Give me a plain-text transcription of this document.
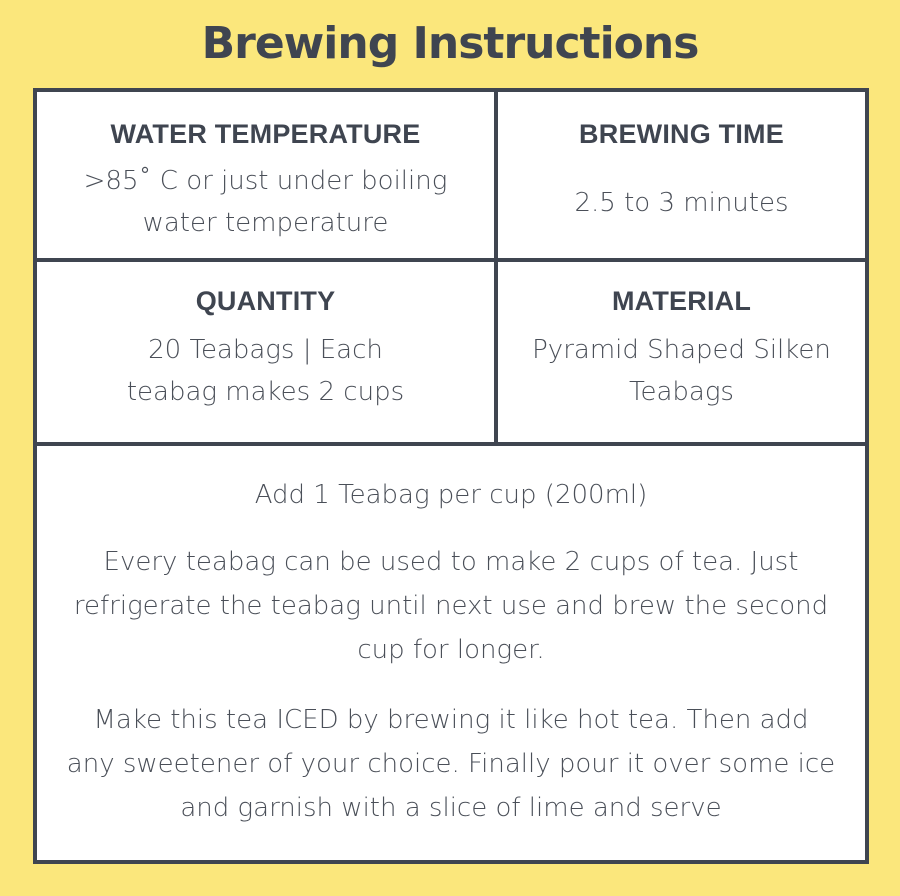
Brewing Instructions
WATER TEMPERATURE
>85˚ C or just under boiling water temperature
BREWING TIME
2.5 to 3 minutes
QUANTITY
20 Teabags | Each teabag makes 2 cups
MATERIAL
Pyramid Shaped Silken Teabags
Add 1 Teabag per cup (200ml)
Every teabag can be used to make 2 cups of tea. Just refrigerate the teabag until next use and brew the second cup for longer.
Make this tea ICED by brewing it like hot tea. Then add any sweetener of your choice. Finally pour it over some ice and garnish with a slice of lime and serve
